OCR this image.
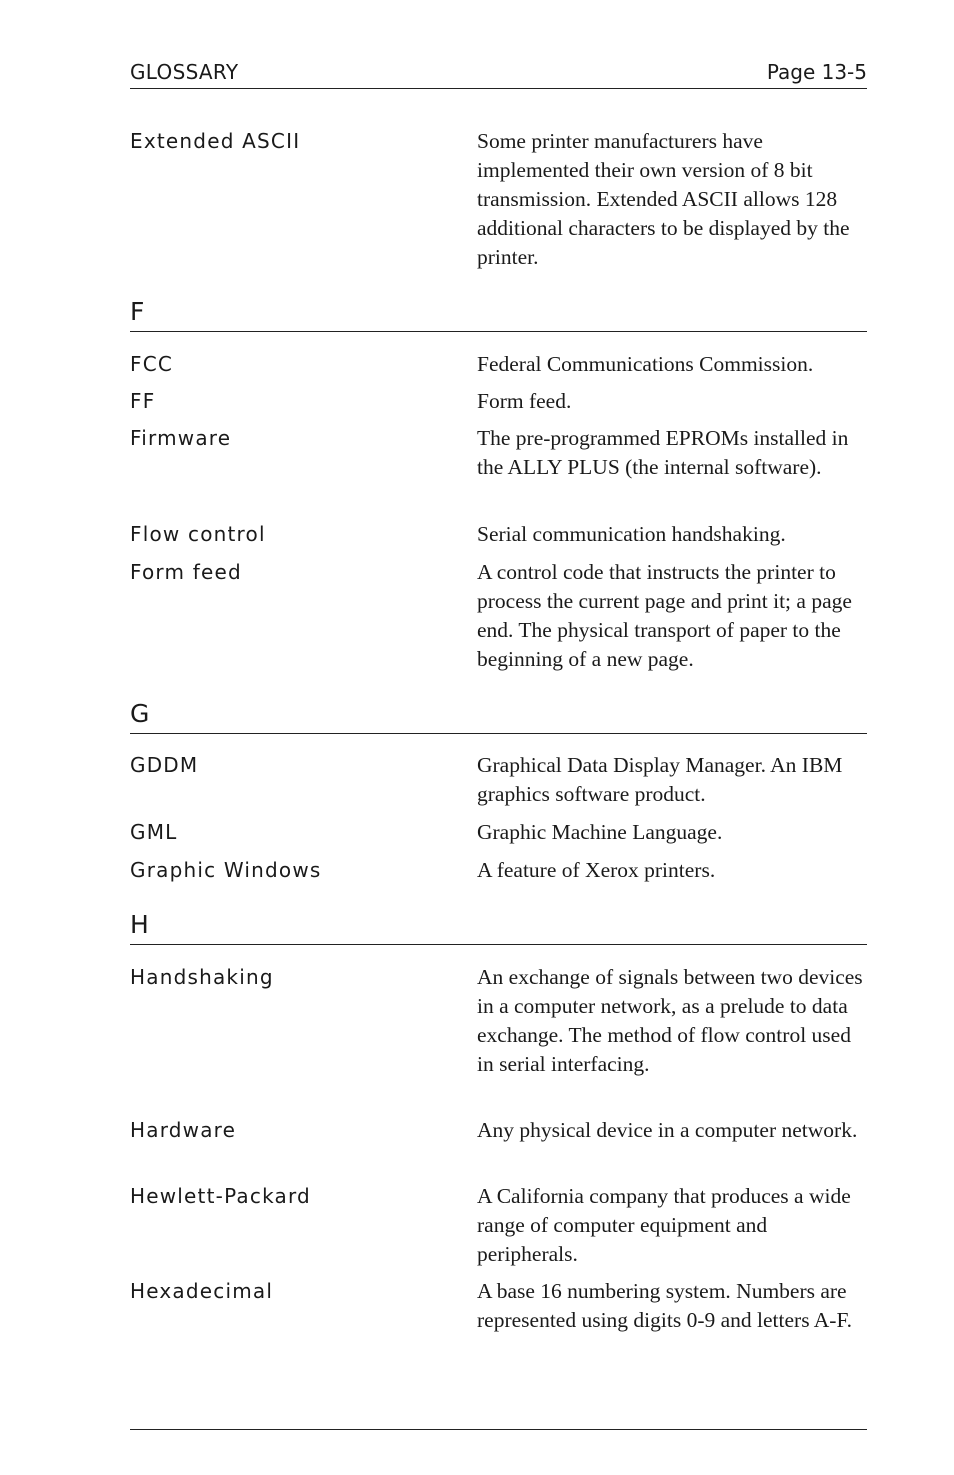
GLOSSARY	Page 13-5
Extended ASCII	Some printer manufacturers have implemented their own version of 8 bit transmission. Extended ASCII allows 128 additional characters to be displayed by the printer.
F
FCC	Federal Communications Commission.
FF	Form feed.
Firmware	The pre-programmed EPROMs installed in the ALLY PLUS (the internal software).
Flow control	Serial communication handshaking.
Form feed	A control code that instructs the printer to process the current page and print it; a page end. The physical transport of paper to the beginning of a new page.
G
GDDM	Graphical Data Display Manager. An IBM graphics software product.
GML	Graphic Machine Language.
Graphic Windows	A feature of Xerox printers.
H
Handshaking	An exchange of signals between two devices in a computer network, as a prelude to data exchange. The method of flow control used in serial interfacing.
Hardware	Any physical device in a computer network.
Hewlett-Packard	A California company that produces a wide range of computer equipment and peripherals.
Hexadecimal	A base 16 numbering system. Numbers are represented using digits 0-9 and letters A-F.
